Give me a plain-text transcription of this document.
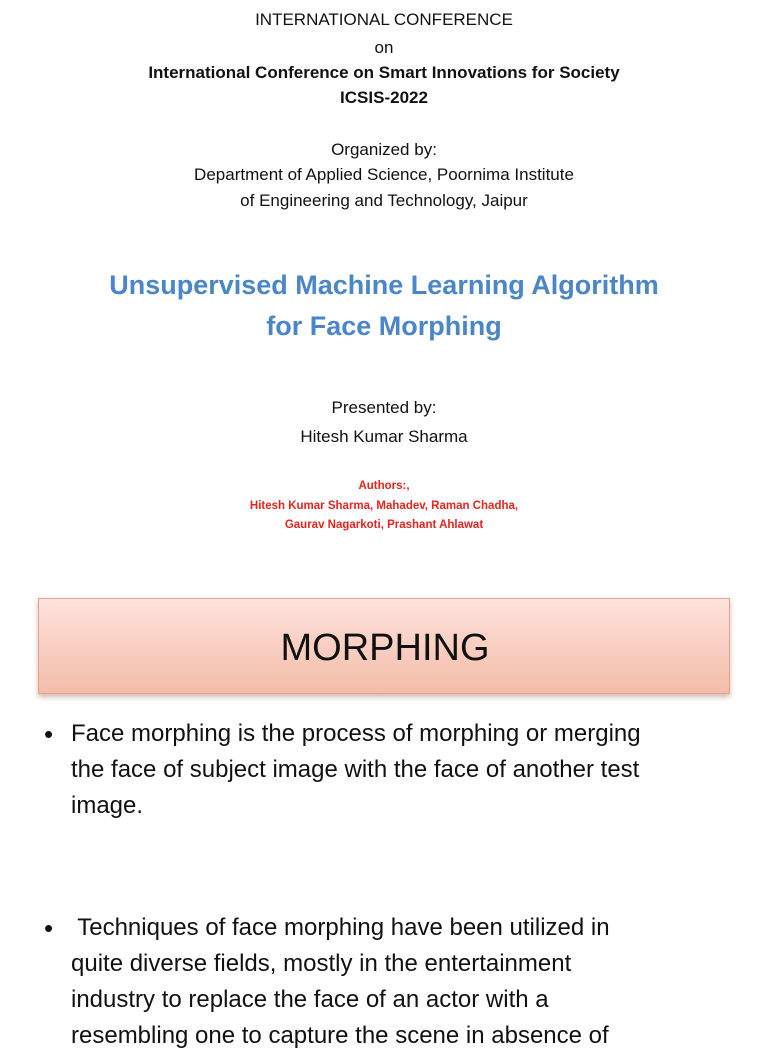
INTERNATIONAL CONFERENCE
on
International Conference on Smart Innovations for Society
ICSIS-2022
Organized by:
Department of Applied Science, Poornima Institute
of Engineering and Technology, Jaipur
Unsupervised Machine Learning Algorithm
for Face Morphing
Presented by:
Hitesh Kumar Sharma
Authors:,
Hitesh Kumar Sharma, Mahadev, Raman Chadha,
Gaurav Nagarkoti, Prashant Ahlawat
MORPHING
• Face morphing is the process of morphing or merging
the face of subject image with the face of another test
image.
• Techniques of face morphing have been utilized in
quite diverse fields, mostly in the entertainment
industry to replace the face of an actor with a
resembling one to capture the scene in absence of
